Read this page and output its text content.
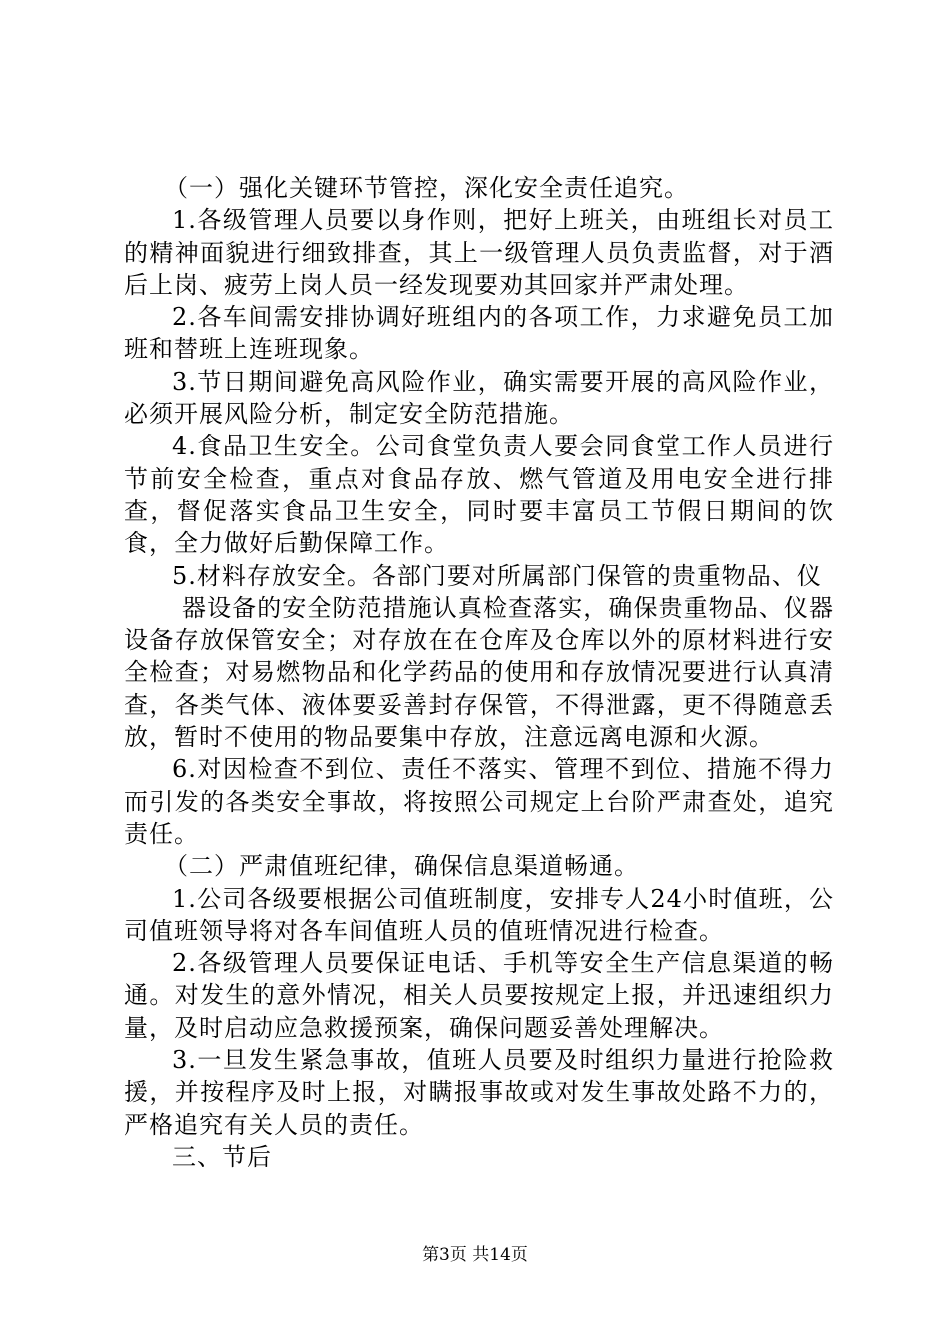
（一）强化关键环节管控，深化安全责任追究。

1.各级管理人员要以身作则，把好上班关，由班组长对员工的精神面貌进行细致排查，其上一级管理人员负责监督，对于酒后上岗、疲劳上岗人员一经发现要劝其回家并严肃处理。

2.各车间需安排协调好班组内的各项工作，力求避免员工加班和替班上连班现象。

3.节日期间避免高风险作业，确实需要开展的高风险作业，必须开展风险分析，制定安全防范措施。

4.食品卫生安全。公司食堂负责人要会同食堂工作人员进行节前安全检查，重点对食品存放、燃气管道及用电安全进行排查，督促落实食品卫生安全，同时要丰富员工节假日期间的饮食，全力做好后勤保障工作。

5.材料存放安全。各部门要对所属部门保管的贵重物品、仪

器设备的安全防范措施认真检查落实，确保贵重物品、仪器设备存放保管安全；对存放在在仓库及仓库以外的原材料进行安全检查；对易燃物品和化学药品的使用和存放情况要进行认真清查，各类气体、液体要妥善封存保管，不得泄露，更不得随意丢放，暂时不使用的物品要集中存放，注意远离电源和火源。

6.对因检查不到位、责任不落实、管理不到位、措施不得力而引发的各类安全事故，将按照公司规定上台阶严肃查处，追究责任。

（二）严肃值班纪律，确保信息渠道畅通。

1.公司各级要根据公司值班制度，安排专人24小时值班，公司值班领导将对各车间值班人员的值班情况进行检查。

2.各级管理人员要保证电话、手机等安全生产信息渠道的畅通。对发生的意外情况，相关人员要按规定上报，并迅速组织力量，及时启动应急救援预案，确保问题妥善处理解决。

3.一旦发生紧急事故，值班人员要及时组织力量进行抢险救援，并按程序及时上报，对瞒报事故或对发生事故处路不力的，严格追究有关人员的责任。

三、节后

第3页 共14页
